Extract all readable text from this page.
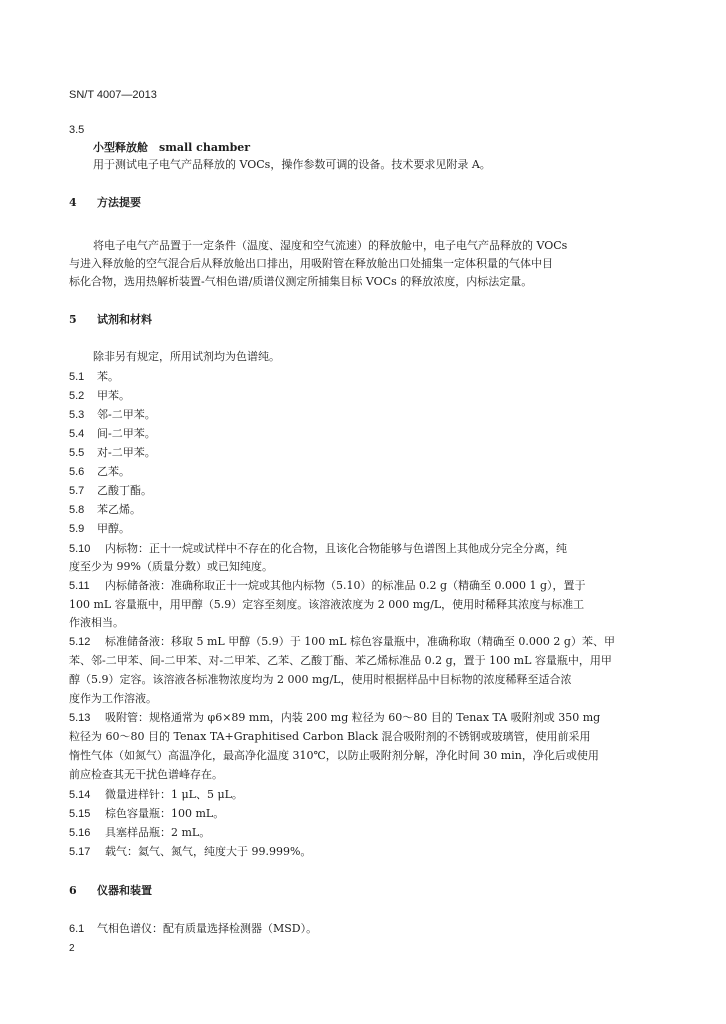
SN/T 4007—2013
3.5
小型释放舱　small chamber
用于测试电子电气产品释放的 VOCs，操作参数可调的设备。技术要求见附录 A。
4 方法提要
将电子电气产品置于一定条件（温度、湿度和空气流速）的释放舱中，电子电气产品释放的 VOCs
与进入释放舱的空气混合后从释放舱出口排出，用吸附管在释放舱出口处捕集一定体积量的气体中目
标化合物，选用热解析装置-气相色谱/质谱仪测定所捕集目标 VOCs 的释放浓度，内标法定量。
5 试剂和材料
除非另有规定，所用试剂均为色谱纯。
5.1 苯。
5.2 甲苯。
5.3 邻-二甲苯。
5.4 间-二甲苯。
5.5 对-二甲苯。
5.6 乙苯。
5.7 乙酸丁酯。
5.8 苯乙烯。
5.9 甲醇。
5.10 内标物：正十一烷或试样中不存在的化合物，且该化合物能够与色谱图上其他成分完全分离，纯
度至少为 99%（质量分数）或已知纯度。
5.11 内标储备液：准确称取正十一烷或其他内标物（5.10）的标准品 0.2 g（精确至 0.000 1 g），置于
100 mL 容量瓶中，用甲醇（5.9）定容至刻度。该溶液浓度为 2 000 mg/L，使用时稀释其浓度与标准工
作液相当。
5.12 标准储备液：移取 5 mL 甲醇（5.9）于 100 mL 棕色容量瓶中，准确称取（精确至 0.000 2 g）苯、甲
苯、邻-二甲苯、间-二甲苯、对-二甲苯、乙苯、乙酸丁酯、苯乙烯标准品 0.2 g，置于 100 mL 容量瓶中，用甲
醇（5.9）定容。该溶液各标准物浓度均为 2 000 mg/L，使用时根据样品中目标物的浓度稀释至适合浓
度作为工作溶液。
5.13 吸附管：规格通常为 φ6×89 mm，内装 200 mg 粒径为 60～80 目的 Tenax TA 吸附剂或 350 mg
粒径为 60～80 目的 Tenax TA+Graphitised Carbon Black 混合吸附剂的不锈钢或玻璃管，使用前采用
惰性气体（如氮气）高温净化，最高净化温度 310℃，以防止吸附剂分解，净化时间 30 min，净化后或使用
前应检查其无干扰色谱峰存在。
5.14 微量进样针：1 μL、5 μL。
5.15 棕色容量瓶：100 mL。
5.16 具塞样品瓶：2 mL。
5.17 载气：氦气、氮气，纯度大于 99.999%。
6 仪器和装置
6.1 气相色谱仪：配有质量选择检测器（MSD）。
2
